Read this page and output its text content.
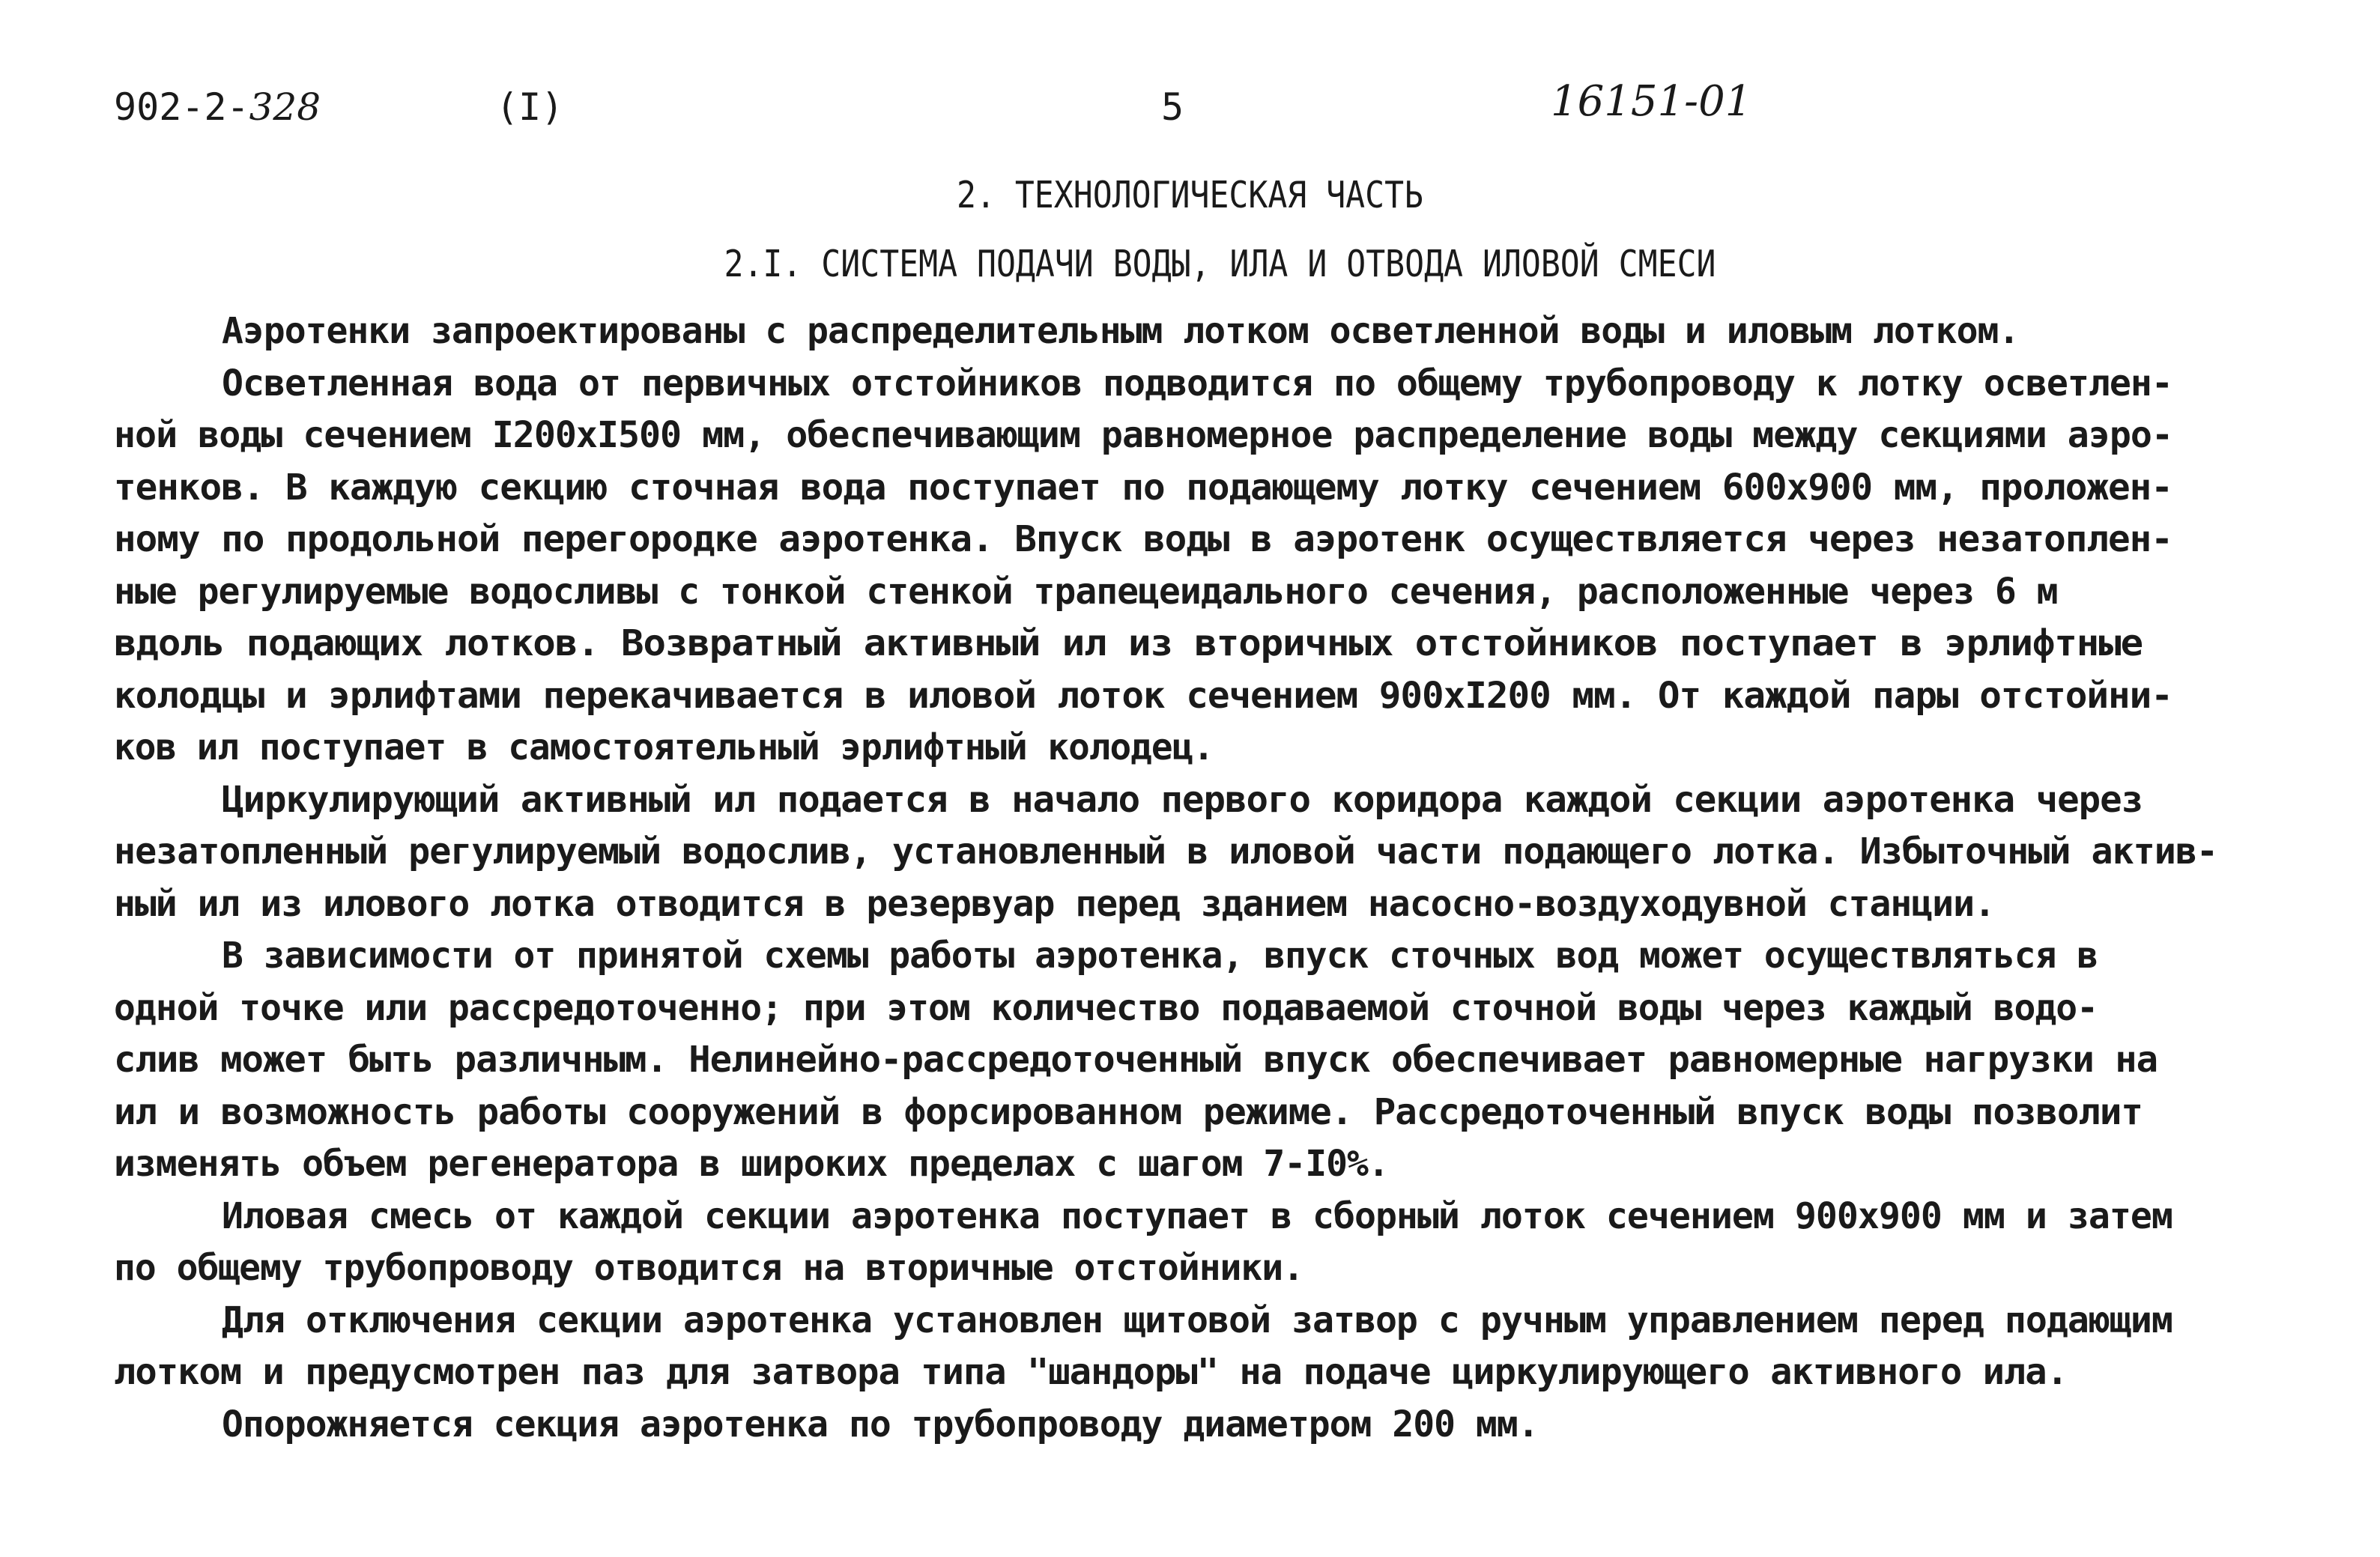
902-2-328	(I)	5	16151-01
2. ТЕХНОЛОГИЧЕСКАЯ ЧАСТЬ
2.I. СИСТЕМА ПОДАЧИ ВОДЫ, ИЛА И ОТВОДА ИЛОВОЙ СМЕСИ
Аэротенки запроектированы с распределительным лотком осветленной воды и иловым лотком.
Осветленная вода от первичных отстойников подводится по общему трубопроводу к лотку осветлен-
ной воды сечением I200xI500 мм, обеспечивающим равномерное распределение воды между секциями аэро-
тенков. В каждую секцию сточная вода поступает по подающему лотку сечением 600x900 мм, проложен-
ному по продольной перегородке аэротенка. Впуск воды в аэротенк осуществляется через незатоплен-
ные регулируемые водосливы с тонкой стенкой трапецеидального сечения, расположенные через 6 м
вдоль подающих лотков. Возвратный активный ил из вторичных отстойников поступает в эрлифтные
колодцы и эрлифтами перекачивается в иловой лоток сечением 900xI200 мм. От каждой пары отстойни-
ков ил поступает в самостоятельный эрлифтный колодец.
Циркулирующий активный ил подается в начало первого коридора каждой секции аэротенка через
незатопленный регулируемый водослив, установленный в иловой части подающего лотка. Избыточный актив-
ный ил из илового лотка отводится в резервуар перед зданием насосно-воздуходувной станции.
В зависимости от принятой схемы работы аэротенка, впуск сточных вод может осуществляться в
одной точке или рассредоточенно; при этом количество подаваемой сточной воды через каждый водо-
слив может быть различным. Нелинейно-рассредоточенный впуск обеспечивает равномерные нагрузки на
ил и возможность работы сооружений в форсированном режиме. Рассредоточенный впуск воды позволит
изменять объем регенератора в широких пределах с шагом 7-I0%.
Иловая смесь от каждой секции аэротенка поступает в сборный лоток сечением 900x900 мм и затем
по общему трубопроводу отводится на вторичные отстойники.
Для отключения секции аэротенка установлен щитовой затвор с ручным управлением перед подающим
лотком и предусмотрен паз для затвора типа "шандоры" на подаче циркулирующего активного ила.
Опорожняется секция аэротенка по трубопроводу диаметром 200 мм.
